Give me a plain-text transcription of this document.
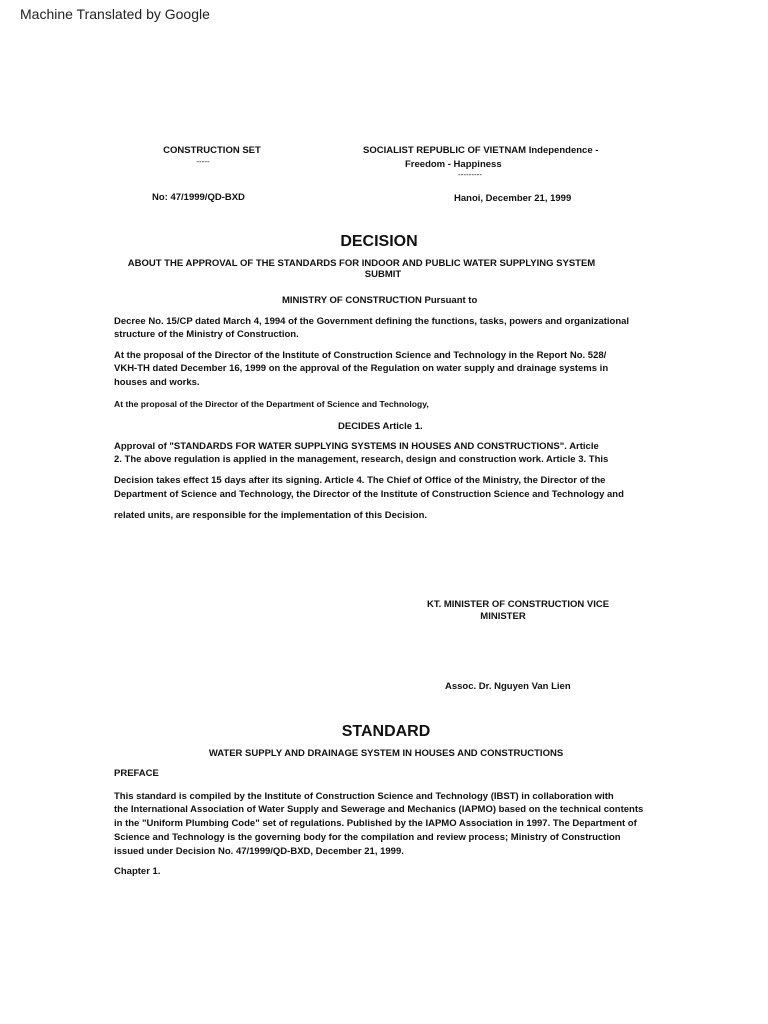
Machine Translated by Google
CONSTRUCTION SET
-----
SOCIALIST REPUBLIC OF VIETNAM Independence -
Freedom - Happiness
---------
No: 47/1999/QD-BXD	Hanoi, December 21, 1999
DECISION
ABOUT THE APPROVAL OF THE STANDARDS FOR INDOOR AND PUBLIC WATER SUPPLYING SYSTEM
SUBMIT
MINISTRY OF CONSTRUCTION Pursuant to
Decree No. 15/CP dated March 4, 1994 of the Government defining the functions, tasks, powers and organizational
structure of the Ministry of Construction.
At the proposal of the Director of the Institute of Construction Science and Technology in the Report No. 528/
VKH-TH dated December 16, 1999 on the approval of the Regulation on water supply and drainage systems in
houses and works.
At the proposal of the Director of the Department of Science and Technology,
DECIDES Article 1.
Approval of "STANDARDS FOR WATER SUPPLYING SYSTEMS IN HOUSES AND CONSTRUCTIONS". Article
2. The above regulation is applied in the management, research, design and construction work. Article 3. This
Decision takes effect 15 days after its signing. Article 4. The Chief of Office of the Ministry, the Director of the
Department of Science and Technology, the Director of the Institute of Construction Science and Technology and
related units, are responsible for the implementation of this Decision.
KT. MINISTER OF CONSTRUCTION VICE
MINISTER
Assoc. Dr. Nguyen Van Lien
STANDARD
WATER SUPPLY AND DRAINAGE SYSTEM IN HOUSES AND CONSTRUCTIONS
PREFACE
This standard is compiled by the Institute of Construction Science and Technology (IBST) in collaboration with
the International Association of Water Supply and Sewerage and Mechanics (IAPMO) based on the technical contents
in the "Uniform Plumbing Code" set of regulations. Published by the IAPMO Association in 1997. The Department of
Science and Technology is the governing body for the compilation and review process; Ministry of Construction
issued under Decision No. 47/1999/QD-BXD, December 21, 1999.
Chapter 1.
